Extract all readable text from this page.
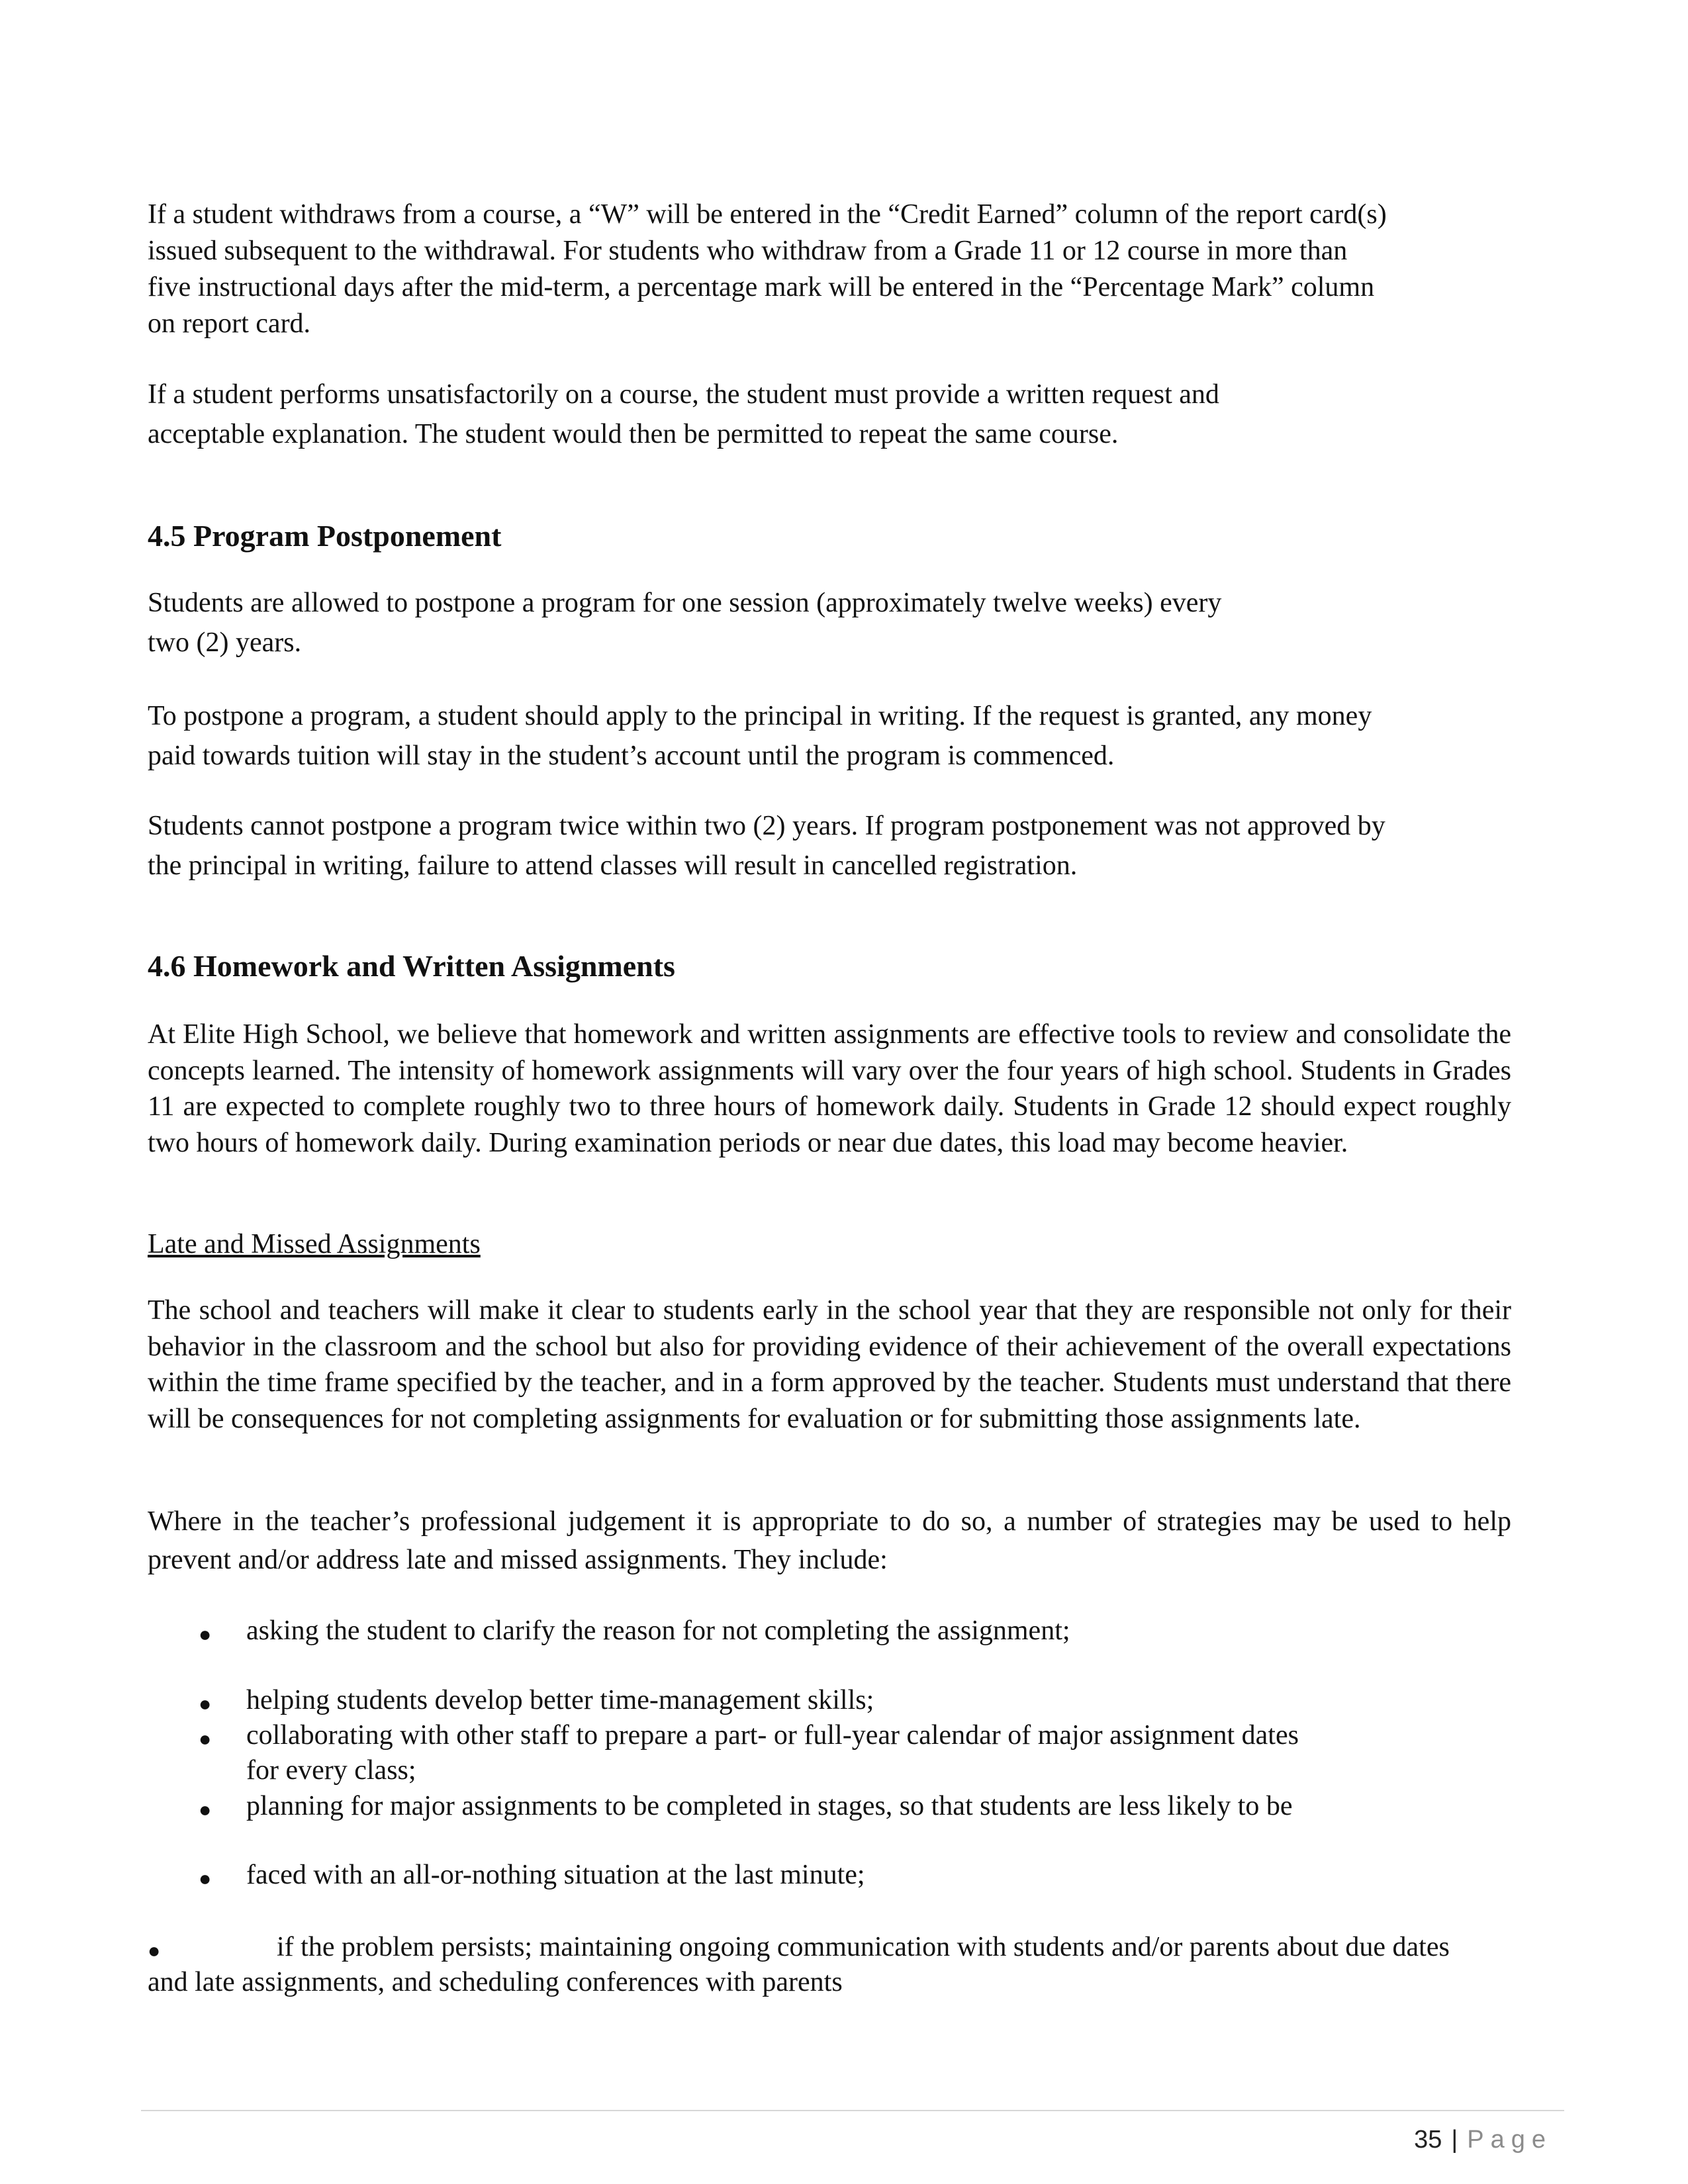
If a student withdraws from a course, a “W” will be entered in the “Credit Earned” column of the report card(s)

issued subsequent to the withdrawal. For students who withdraw from a Grade 11 or 12 course in more than

five instructional days after the mid-term, a percentage mark will be entered in the “Percentage Mark” column

on report card.

If a student performs unsatisfactorily on a course, the student must provide a written request and

acceptable explanation. The student would then be permitted to repeat the same course.

4.5 Program Postponement

Students are allowed to postpone a program for one session (approximately twelve weeks) every

two (2) years.

To postpone a program, a student should apply to the principal in writing. If the request is granted, any money

paid towards tuition will stay in the student’s account until the program is commenced.

Students cannot postpone a program twice within two (2) years. If program postponement was not approved by

the principal in writing, failure to attend classes will result in cancelled registration.

4.6 Homework and Written Assignments

At Elite High School, we believe that homework and written assignments are effective tools to review and consolidate the concepts learned. The intensity of homework assignments will vary over the four years of high school. Students in Grades 11 are expected to complete roughly two to three hours of homework daily. Students in Grade 12 should expect roughly two hours of homework daily. During examination periods or near due dates, this load may become heavier.

Late and Missed Assignments

The school and teachers will make it clear to students early in the school year that they are responsible not only for their behavior in the classroom and the school but also for providing evidence of their achievement of the overall expectations within the time frame specified by the teacher, and in a form approved by the teacher. Students must understand that there will be consequences for not completing assignments for evaluation or for submitting those assignments late.

Where in the teacher’s professional judgement it is appropriate to do so, a number of strategies may be used to help prevent and/or address late and missed assignments. They include:

● asking the student to clarify the reason for not completing the assignment;
● helping students develop better time-management skills;
● collaborating with other staff to prepare a part- or full-year calendar of major assignment dates
for every class;
● planning for major assignments to be completed in stages, so that students are less likely to be
● faced with an all-or-nothing situation at the last minute;
●	if the problem persists; maintaining ongoing communication with students and/or parents about due dates
and late assignments, and scheduling conferences with parents
35 | Page
